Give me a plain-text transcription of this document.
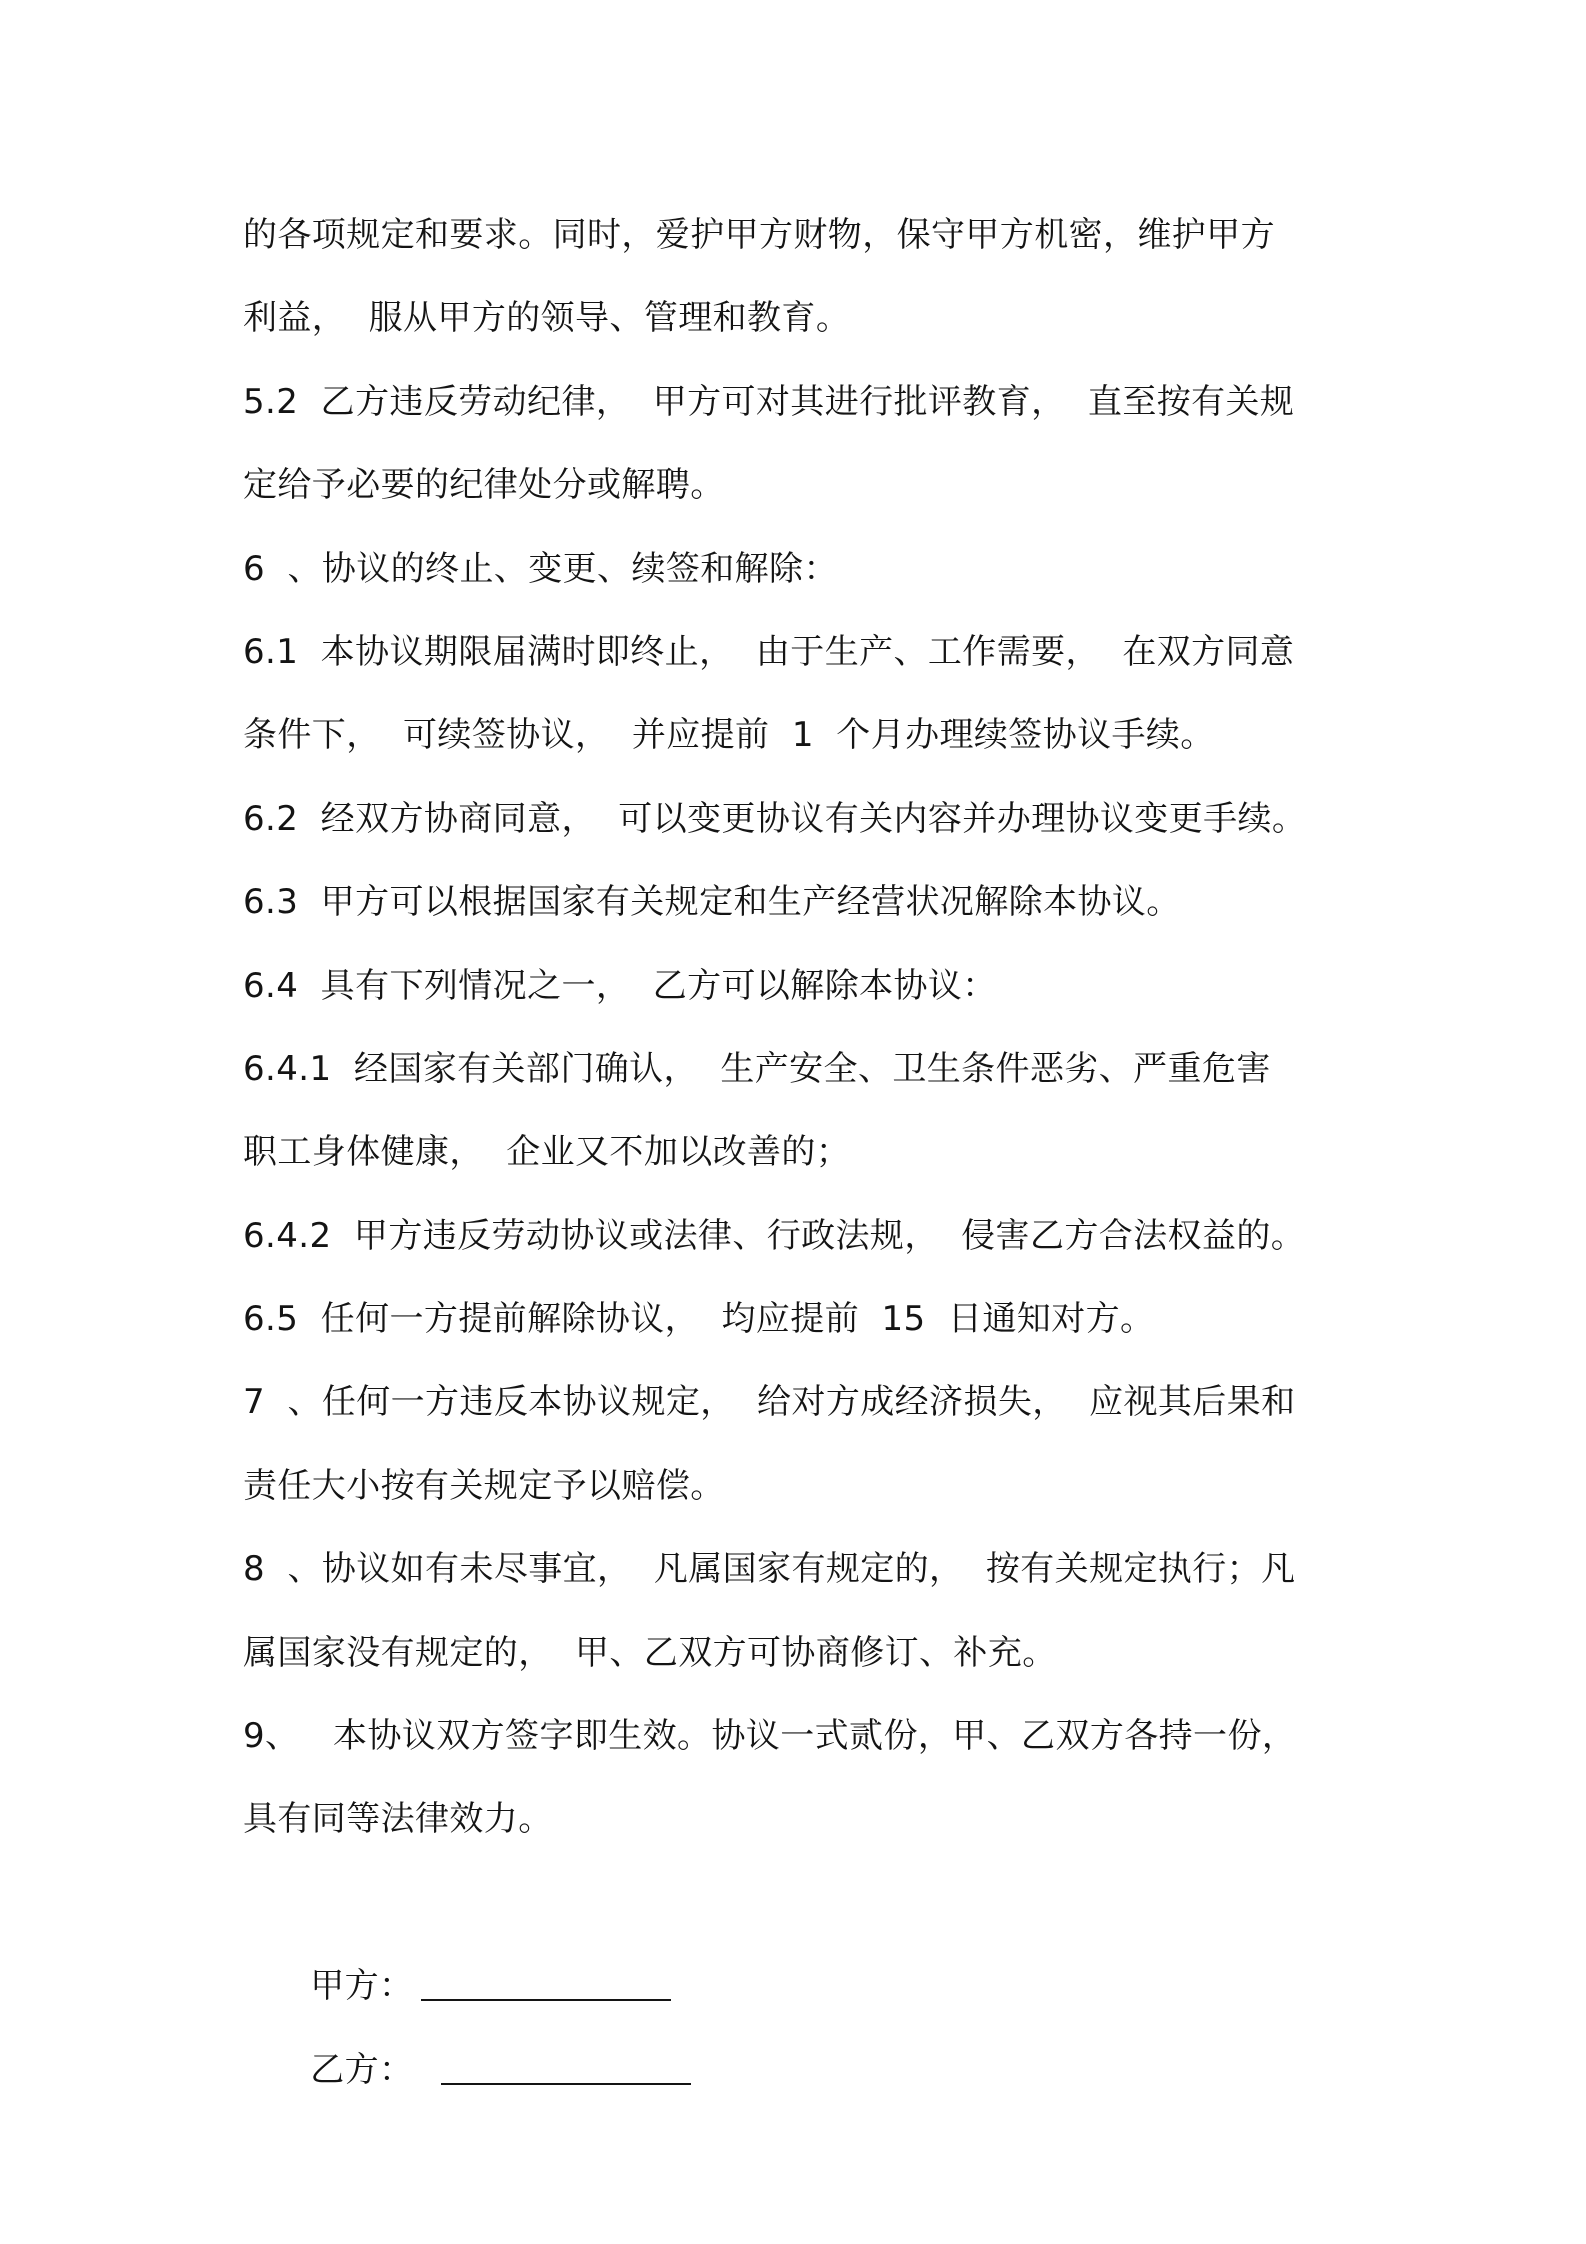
的各项规定和要求。同时，爱护甲方财物，保守甲方机密，维护甲方
利益，  服从甲方的领导、管理和教育。
5.2  乙方违反劳动纪律，  甲方可对其进行批评教育，  直至按有关规
定给予必要的纪律处分或解聘。
6  、协议的终止、变更、续签和解除：
6.1  本协议期限届满时即终止，  由于生产、工作需要，  在双方同意
条件下，  可续签协议，  并应提前  1  个月办理续签协议手续。
6.2  经双方协商同意，  可以变更协议有关内容并办理协议变更手续。
6.3  甲方可以根据国家有关规定和生产经营状况解除本协议。
6.4  具有下列情况之一，  乙方可以解除本协议：
6.4.1  经国家有关部门确认，  生产安全、卫生条件恶劣、严重危害
职工身体健康，  企业又不加以改善的；
6.4.2  甲方违反劳动协议或法律、行政法规，  侵害乙方合法权益的。
6.5  任何一方提前解除协议，  均应提前  15  日通知对方。
7  、任何一方违反本协议规定，  给对方成经济损失，  应视其后果和
责任大小按有关规定予以赔偿。
8  、协议如有未尽事宜，  凡属国家有规定的，  按有关规定执行；凡
属国家没有规定的，  甲、乙双方可协商修订、补充。
9、   本协议双方签字即生效。协议一式贰份，甲、乙双方各持一份，
具有同等法律效力。

甲方：

乙方：
